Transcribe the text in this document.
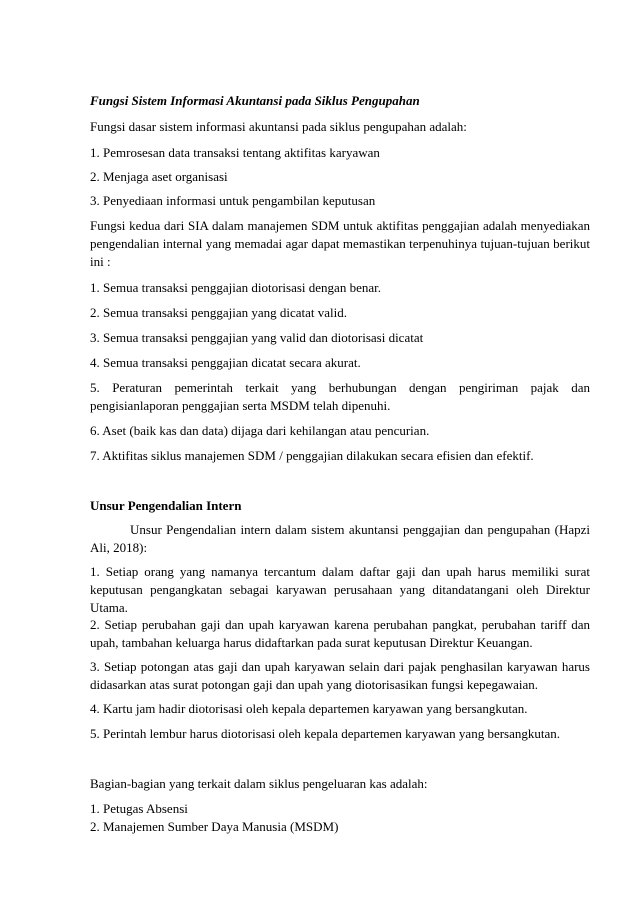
Fungsi Sistem Informasi Akuntansi pada Siklus Pengupahan

Fungsi dasar sistem informasi akuntansi pada siklus pengupahan adalah:

1. Pemrosesan data transaksi tentang aktifitas karyawan

2. Menjaga aset organisasi

3. Penyediaan informasi untuk pengambilan keputusan

Fungsi kedua dari SIA dalam manajemen SDM untuk aktifitas penggajian adalah menyediakan pengendalian internal yang memadai agar dapat memastikan terpenuhinya tujuan-tujuan berikut ini :

1. Semua transaksi penggajian diotorisasi dengan benar.

2. Semua transaksi penggajian yang dicatat valid.

3. Semua transaksi penggajian yang valid dan diotorisasi dicatat

4. Semua transaksi penggajian dicatat secara akurat.

5. Peraturan pemerintah terkait yang berhubungan dengan pengiriman pajak dan pengisianlaporan penggajian serta MSDM telah dipenuhi.

6. Aset (baik kas dan data) dijaga dari kehilangan atau pencurian.

7. Aktifitas siklus manajemen SDM / penggajian dilakukan secara efisien dan efektif.

Unsur Pengendalian Intern

Unsur Pengendalian intern dalam sistem akuntansi penggajian dan pengupahan (Hapzi Ali, 2018):

1. Setiap orang yang namanya tercantum dalam daftar gaji dan upah harus memiliki surat keputusan pengangkatan sebagai karyawan perusahaan yang ditandatangani oleh Direktur Utama.

2. Setiap perubahan gaji dan upah karyawan karena perubahan pangkat, perubahan tariff dan upah, tambahan keluarga harus didaftarkan pada surat keputusan Direktur Keuangan.

3. Setiap potongan atas gaji dan upah karyawan selain dari pajak penghasilan karyawan harus didasarkan atas surat potongan gaji dan upah yang diotorisasikan fungsi kepegawaian.

4. Kartu jam hadir diotorisasi oleh kepala departemen karyawan yang bersangkutan.

5. Perintah lembur harus diotorisasi oleh kepala departemen karyawan yang bersangkutan.

Bagian-bagian yang terkait dalam siklus pengeluaran kas adalah:

1. Petugas Absensi

2. Manajemen Sumber Daya Manusia (MSDM)
